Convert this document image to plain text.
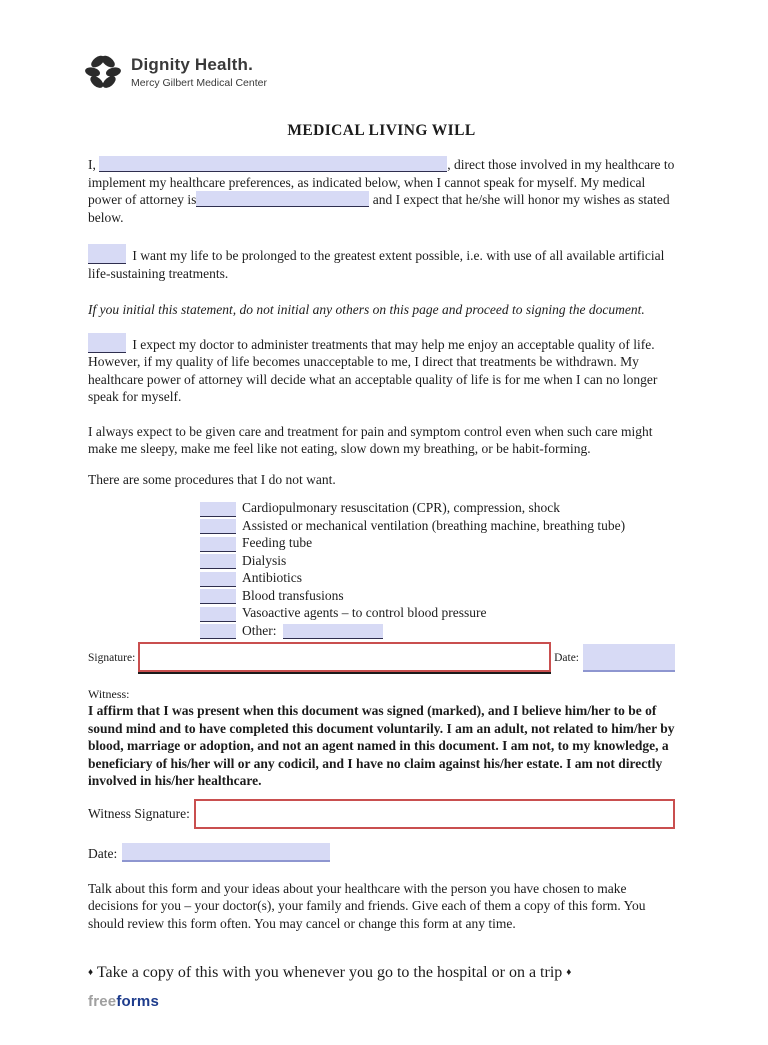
Dignity Health.
Mercy Gilbert Medical Center
MEDICAL LIVING WILL

I,	, direct those involved in my healthcare to implement my healthcare preferences, as indicated below, when I cannot speak for myself. My medical power of attorney is	and I expect that he/she will honor my wishes as stated below.

I want my life to be prolonged to the greatest extent possible, i.e. with use of all available artificial life-sustaining treatments.

If you initial this statement, do not initial any others on this page and proceed to signing the document.

I expect my doctor to administer treatments that may help me enjoy an acceptable quality of life. However, if my quality of life becomes unacceptable to me, I direct that treatments be withdrawn. My healthcare power of attorney will decide what an acceptable quality of life is for me when I can no longer speak for myself.

I always expect to be given care and treatment for pain and symptom control even when such care might make me sleepy, make me feel like not eating, slow down my breathing, or be habit-forming.

There are some procedures that I do not want.

Cardiopulmonary resuscitation (CPR), compression, shock
Assisted or mechanical ventilation (breathing machine, breathing tube)
Feeding tube
Dialysis
Antibiotics
Blood transfusions
Vasoactive agents – to control blood pressure
Other:
Signature:	Date:

Witness:

I affirm that I was present when this document was signed (marked), and I believe him/her to be of sound mind and to have completed this document voluntarily. I am an adult, not related to him/her by blood, marriage or adoption, and not an agent named in this document. I am not, to my knowledge, a beneficiary of his/her will or any codicil, and I have no claim against his/her estate. I am not directly involved in his/her healthcare.

Witness Signature:
Date:

Talk about this form and your ideas about your healthcare with the person you have chosen to make decisions for you – your doctor(s), your family and friends. Give each of them a copy of this form. You should review this form often. You may cancel or change this form at any time.

♦ Take a copy of this with you whenever you go to the hospital or on a trip ♦
freeforms
